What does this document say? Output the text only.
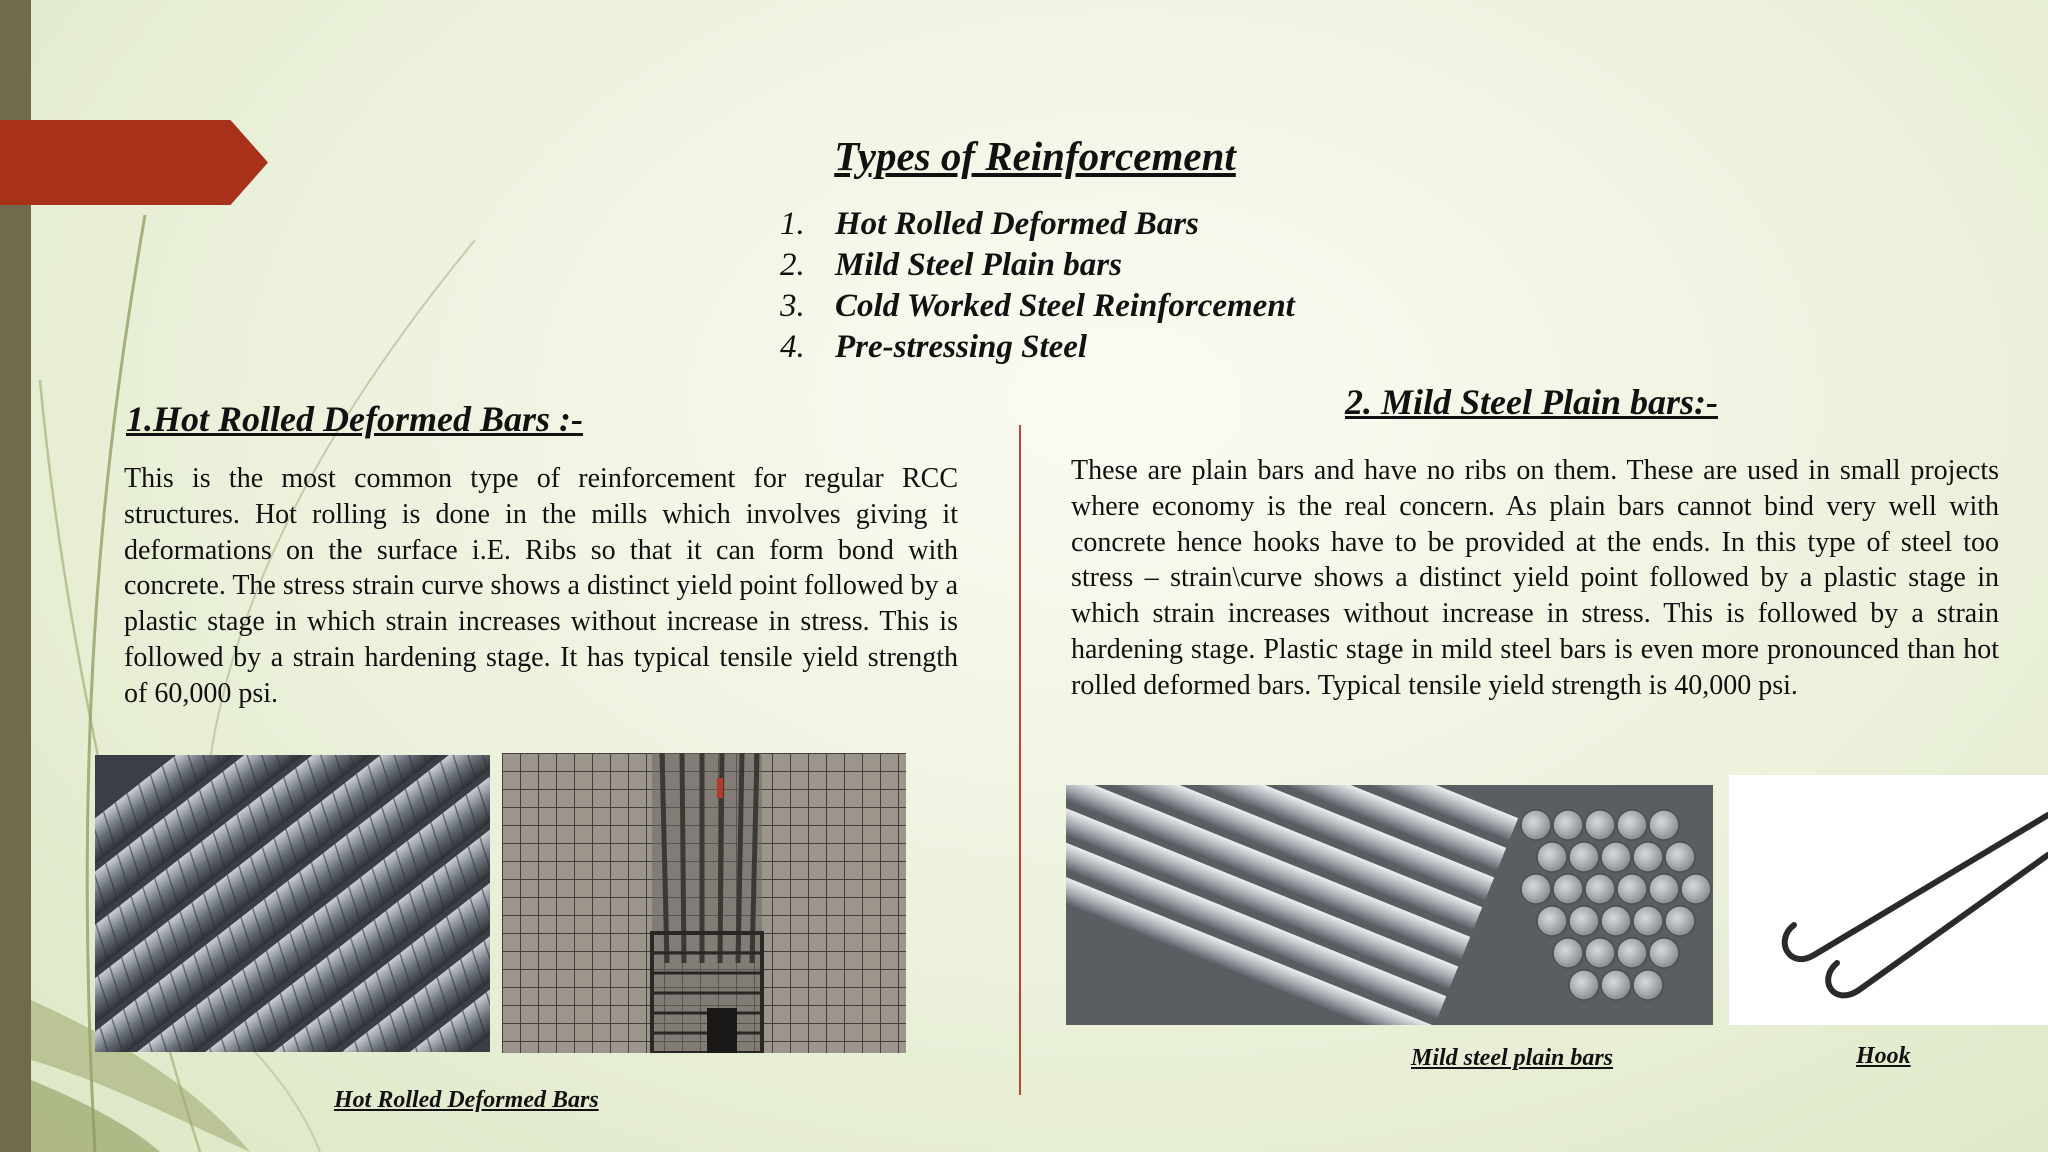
Types of Reinforcement
1. Hot Rolled Deformed Bars
2. Mild Steel Plain bars
3. Cold Worked Steel Reinforcement
4. Pre-stressing Steel
1.Hot Rolled Deformed Bars :-

This is the most common type of reinforcement for regular RCC structures. Hot rolling is done in the mills which involves giving it deformations on the surface i.E. Ribs so that it can form bond with concrete. The stress strain curve shows a distinct yield point followed by a plastic stage in which strain increases without increase in stress. This is followed by a strain hardening stage. It has typical tensile yield strength of 60,000 psi.

2. Mild Steel Plain bars:-

These are plain bars and have no ribs on them. These are used in small projects where economy is the real concern. As plain bars cannot bind very well with concrete hence hooks have to be provided at the ends. In this type of steel too stress – strain\curve shows a distinct yield point followed by a plastic stage in which strain increases without increase in stress. This is followed by a strain hardening stage. Plastic stage in mild steel bars is even more pronounced than hot rolled deformed bars. Typical tensile yield strength is 40,000 psi.

Hot Rolled Deformed Bars

Mild steel plain bars	Hook
